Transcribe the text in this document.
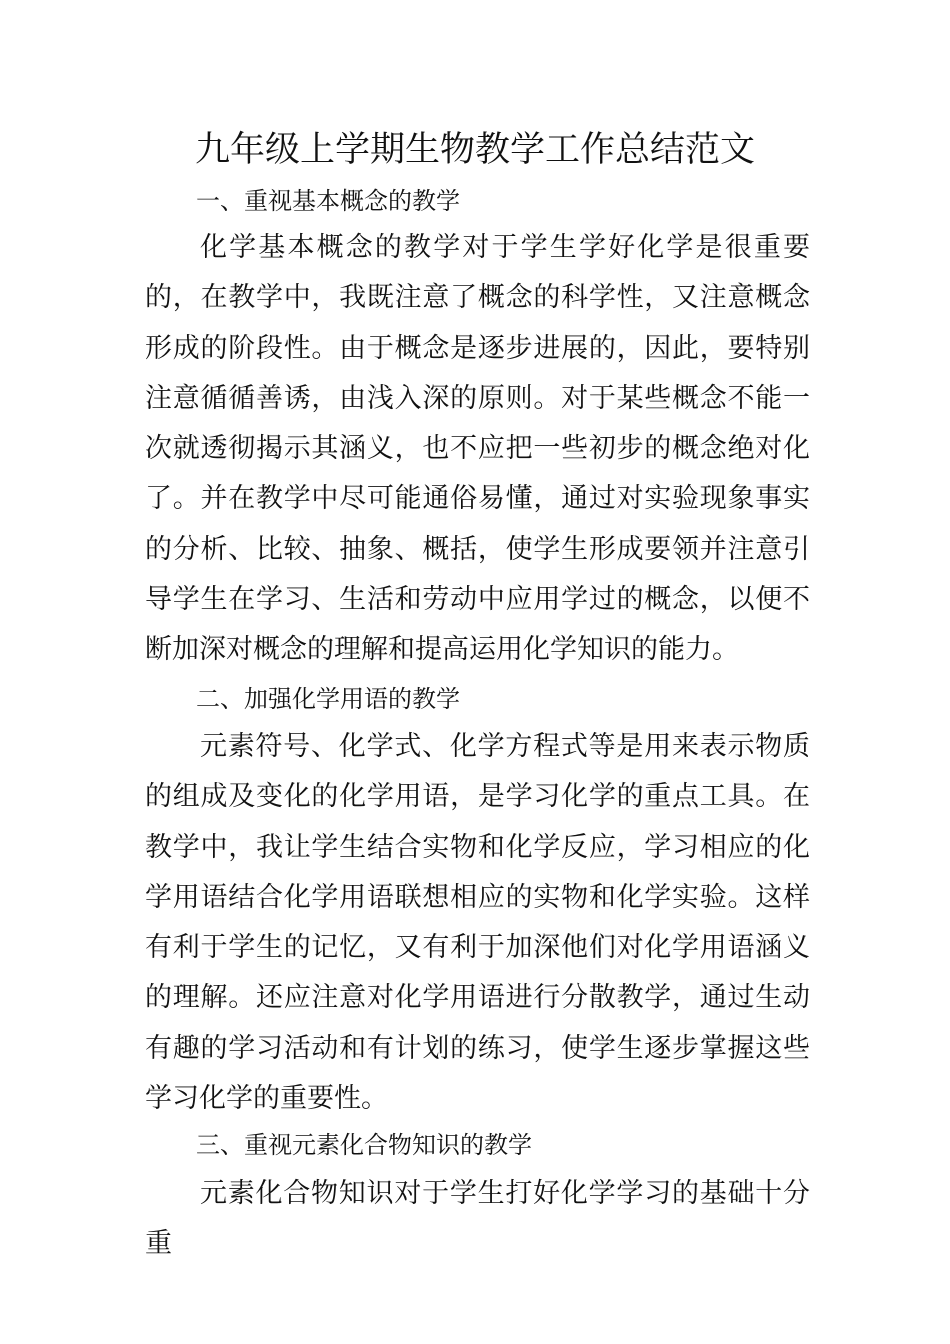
九年级上学期生物教学工作总结范文
一、重视基本概念的教学

化学基本概念的教学对于学生学好化学是很重要的，在教学中，我既注意了概念的科学性，又注意概念形成的阶段性。由于概念是逐步进展的，因此，要特别注意循循善诱，由浅入深的原则。对于某些概念不能一次就透彻揭示其涵义，也不应把一些初步的概念绝对化了。并在教学中尽可能通俗易懂，通过对实验现象事实的分析、比较、抽象、概括，使学生形成要领并注意引导学生在学习、生活和劳动中应用学过的概念，以便不断加深对概念的理解和提高运用化学知识的能力。

二、加强化学用语的教学

元素符号、化学式、化学方程式等是用来表示物质的组成及变化的化学用语，是学习化学的重点工具。在教学中，我让学生结合实物和化学反应，学习相应的化学用语结合化学用语联想相应的实物和化学实验。这样有利于学生的记忆，又有利于加深他们对化学用语涵义的理解。还应注意对化学用语进行分散教学，通过生动有趣的学习活动和有计划的练习，使学生逐步掌握这些学习化学的重要性。

三、重视元素化合物知识的教学

元素化合物知识对于学生打好化学学习的基础十分重
